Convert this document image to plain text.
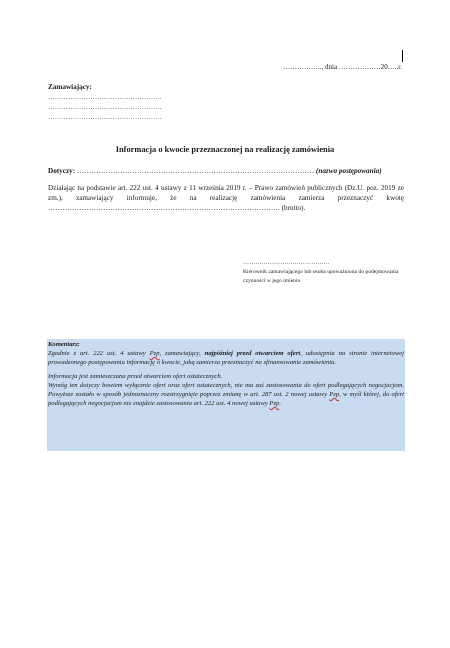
…………….., dnia ………………20…..r.
Zamawiający:
……………………………………………
……………………………………………
……………………………………………
Informacja o kwocie przeznaczonej na realizację zamówienia
Dotyczy: ……………………………………………………………………………………… (nazwa postępowania)
Działając na podstawie art. 222 ust. 4 ustawy z 11 września 2019 r. – Prawo zamówień publicznych (Dz.U. poz. 2019 ze zm.), zamawiający informuje, że na realizację zamówienia zamierza przeznaczyć kwotę ……………………………………………………………………………………. (brutto).
……………………………………
Kierownik zamawiającego lub osoba upoważniona do podejmowania czynności w jego imieniu

Komentarz:

Zgodnie z art. 222 ust. 4 ustawy Pzp, zamawiający, najpóźniej przed otwarciem ofert, udostępnia na stronie internetowej prowadzonego postępowania informację o kwocie, jaką zamierza przeznaczyć na sfinansowanie zamówienia.

Informacja jest zamieszczana przed otwarciem ofert ostatecznych.

Wymóg ten dotyczy bowiem wyłącznie ofert oraz ofert ostatecznych, nie ma zaś zastosowania do ofert podlegających negocjacjom. Powyższe zostało w sposób jednoznaczny rozstrzygnięte poprzez zmianę w art. 287 ust. 2 nowej ustawy Pzp, w myśl której, do ofert podlegających negocjacjom nie znajdzie zastosowania art. 222 ust. 4 nowej ustawy Pzp.
